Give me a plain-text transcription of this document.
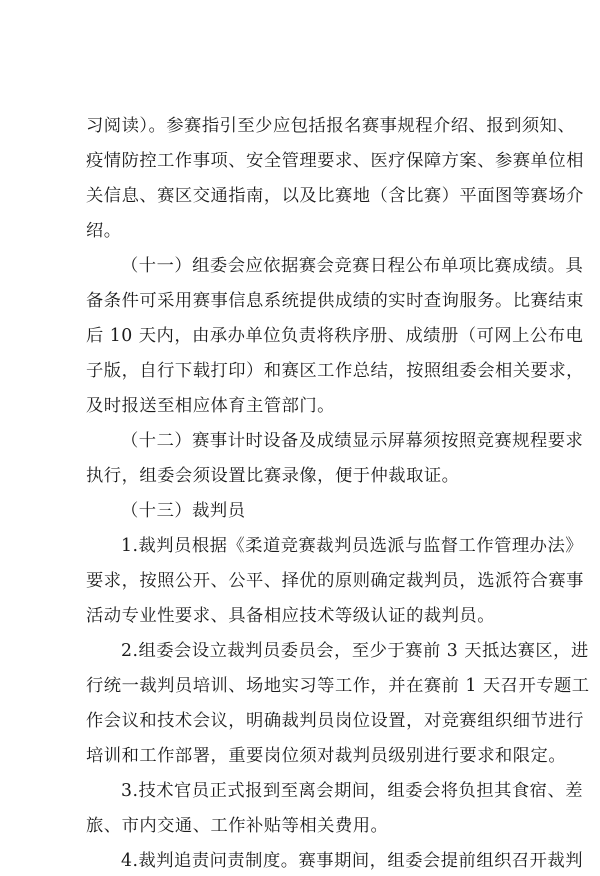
习阅读）。参赛指引至少应包括报名赛事规程介绍、报到须知、
疫情防控工作事项、安全管理要求、医疗保障方案、参赛单位相
关信息、赛区交通指南，以及比赛地（含比赛）平面图等赛场介
绍。
（十一）组委会应依据赛会竞赛日程公布单项比赛成绩。具
备条件可采用赛事信息系统提供成绩的实时查询服务。比赛结束
后 10 天内，由承办单位负责将秩序册、成绩册（可网上公布电
子版，自行下载打印）和赛区工作总结，按照组委会相关要求，
及时报送至相应体育主管部门。
（十二）赛事计时设备及成绩显示屏幕须按照竞赛规程要求
执行，组委会须设置比赛录像，便于仲裁取证。
（十三）裁判员
1.裁判员根据《柔道竞赛裁判员选派与监督工作管理办法》
要求，按照公开、公平、择优的原则确定裁判员，选派符合赛事
活动专业性要求、具备相应技术等级认证的裁判员。
2.组委会设立裁判员委员会，至少于赛前 3 天抵达赛区，进
行统一裁判员培训、场地实习等工作，并在赛前 1 天召开专题工
作会议和技术会议，明确裁判员岗位设置，对竞赛组织细节进行
培训和工作部署，重要岗位须对裁判员级别进行要求和限定。
3.技术官员正式报到至离会期间，组委会将负担其食宿、差
旅、市内交通、工作补贴等相关费用。
4.裁判追责问责制度。赛事期间，组委会提前组织召开裁判
